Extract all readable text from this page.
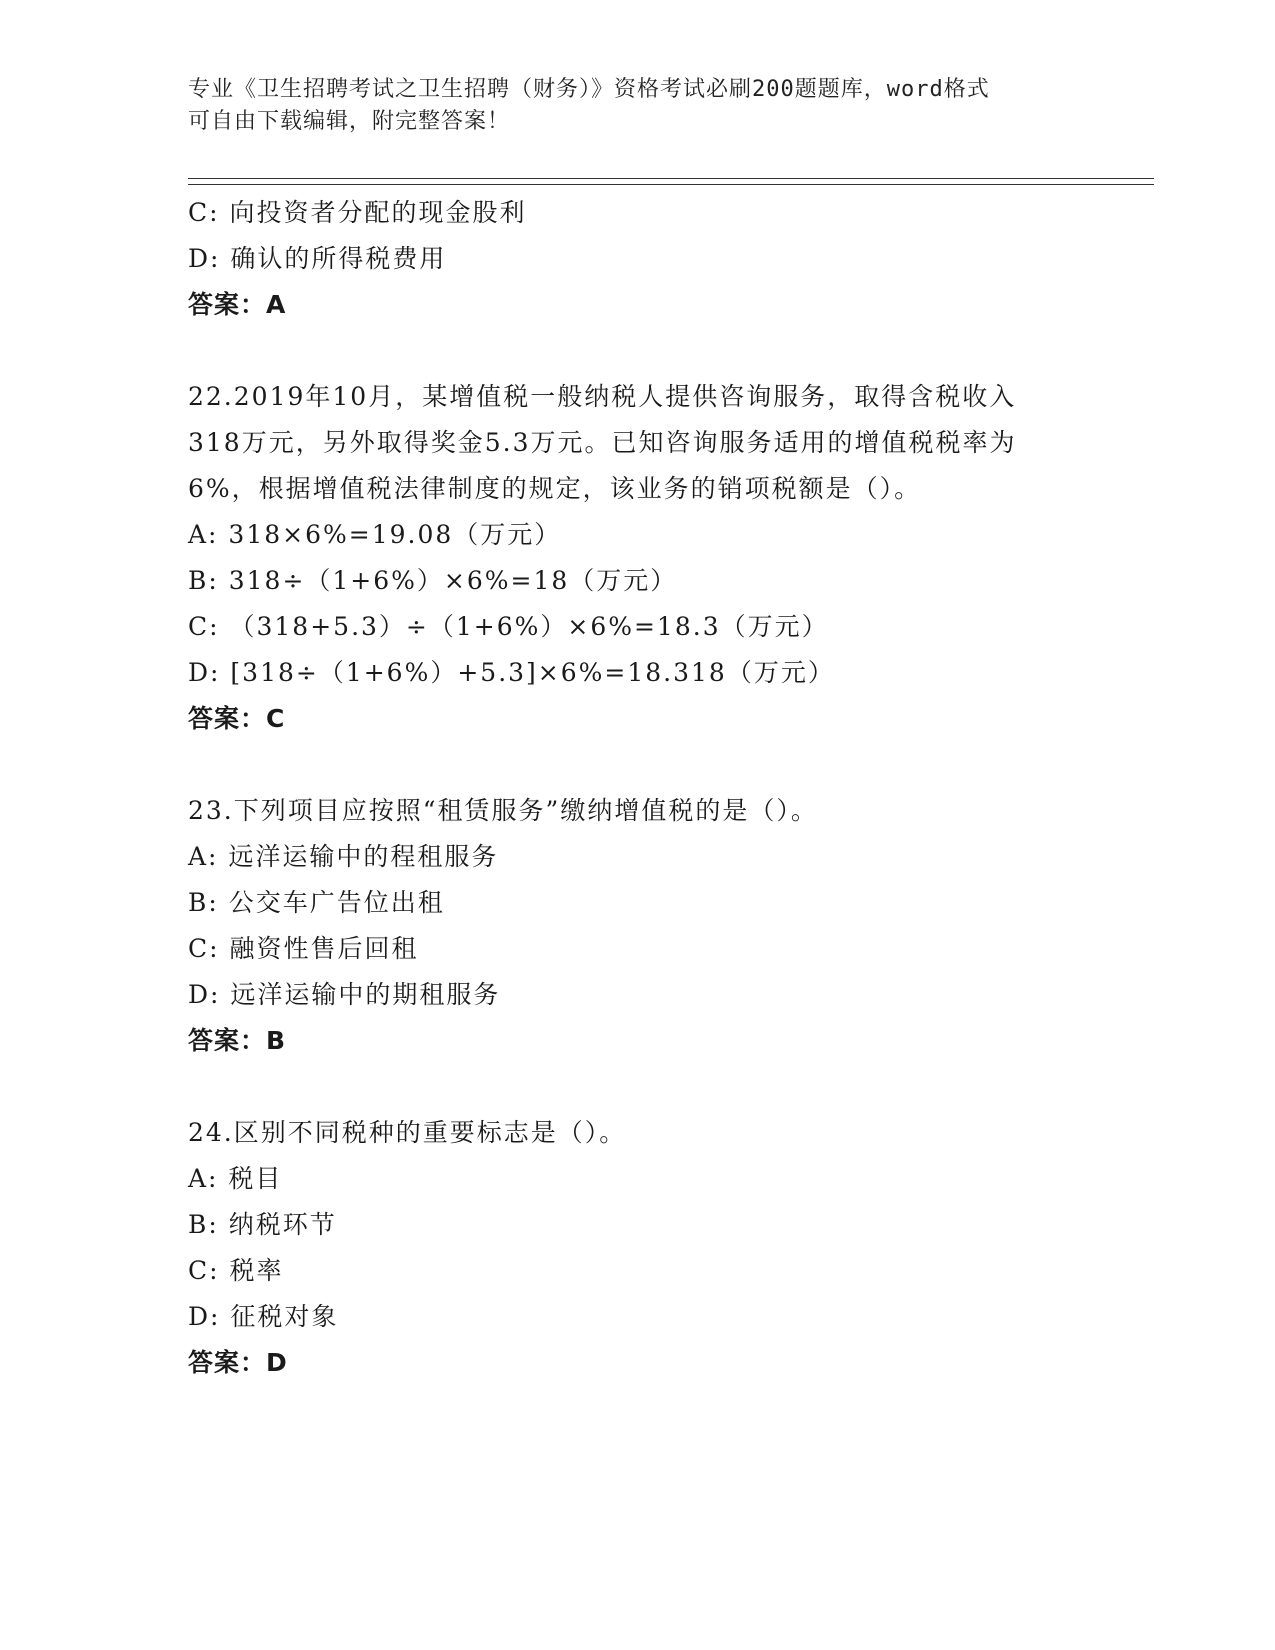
专业《卫生招聘考试之卫生招聘（财务）》资格考试必刷200题题库，word格式
可自由下载编辑，附完整答案！
C: 向投资者分配的现金股利
D: 确认的所得税费用
答案：A
22.2019年10月，某增值税一般纳税人提供咨询服务，取得含税收入
318万元，另外取得奖金5.3万元。已知咨询服务适用的增值税税率为
6%，根据增值税法律制度的规定，该业务的销项税额是（）。
A: 318×6%=19.08（万元）
B: 318÷（1+6%）×6%=18（万元）
C: （318+5.3）÷（1+6%）×6%=18.3（万元）
D: [318÷（1+6%）+5.3]×6%=18.318（万元）
答案：C
23.下列项目应按照“租赁服务”缴纳增值税的是（）。
A: 远洋运输中的程租服务
B: 公交车广告位出租
C: 融资性售后回租
D: 远洋运输中的期租服务
答案：B
24.区别不同税种的重要标志是（）。
A: 税目
B: 纳税环节
C: 税率
D: 征税对象
答案：D
